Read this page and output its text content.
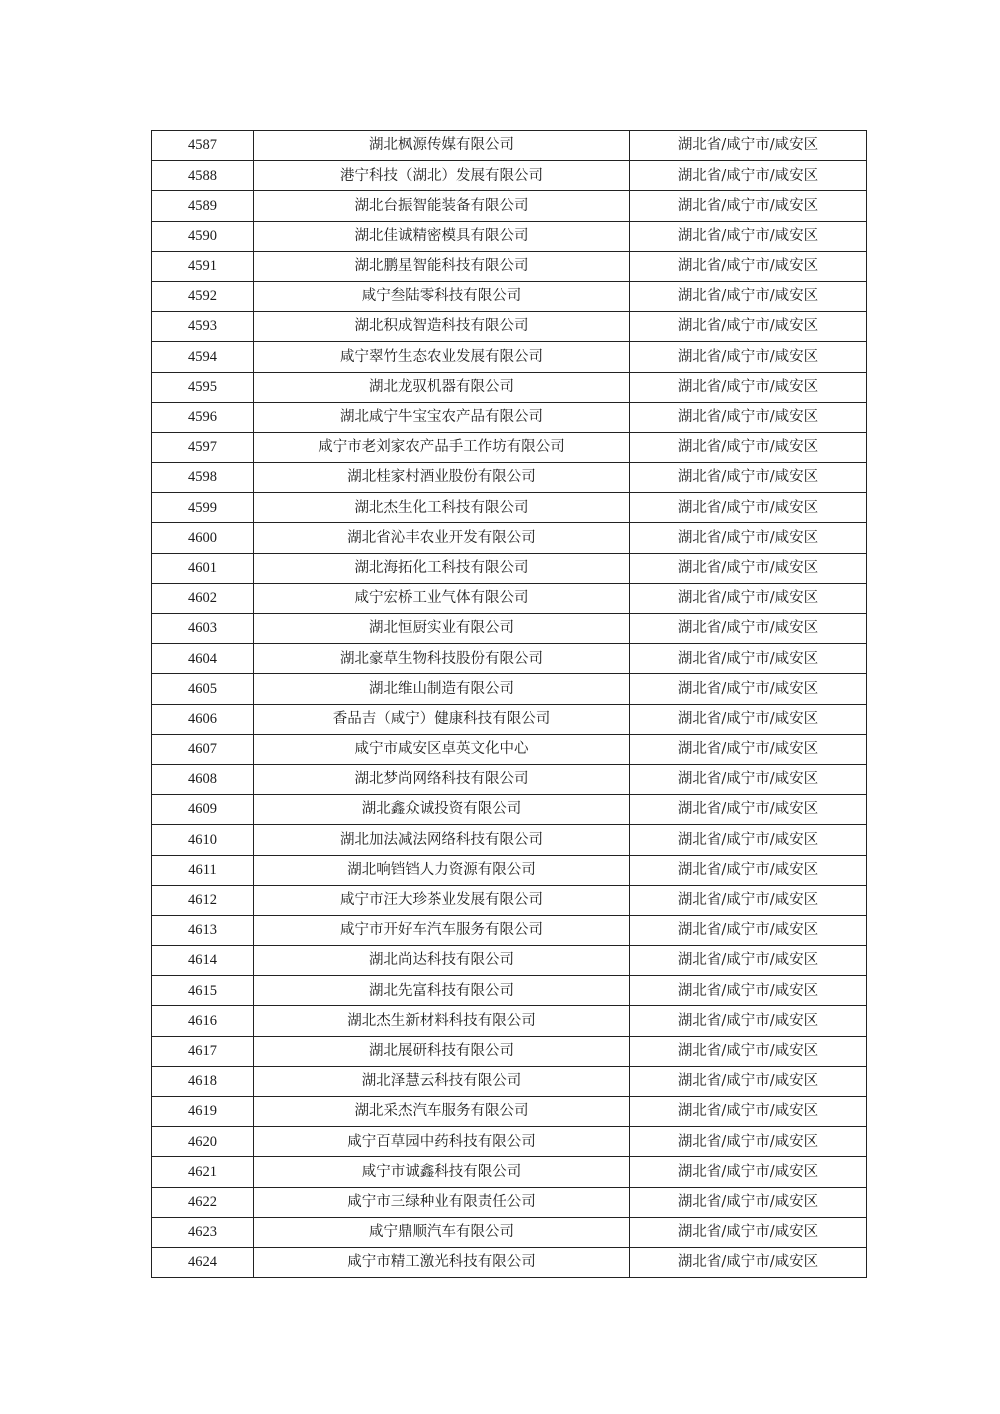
4587	湖北枫源传媒有限公司	湖北省/咸宁市/咸安区
4588	港宁科技（湖北）发展有限公司	湖北省/咸宁市/咸安区
4589	湖北台振智能装备有限公司	湖北省/咸宁市/咸安区
4590	湖北佳诚精密模具有限公司	湖北省/咸宁市/咸安区
4591	湖北鹏星智能科技有限公司	湖北省/咸宁市/咸安区
4592	咸宁叁陆零科技有限公司	湖北省/咸宁市/咸安区
4593	湖北积成智造科技有限公司	湖北省/咸宁市/咸安区
4594	咸宁翠竹生态农业发展有限公司	湖北省/咸宁市/咸安区
4595	湖北龙驭机器有限公司	湖北省/咸宁市/咸安区
4596	湖北咸宁牛宝宝农产品有限公司	湖北省/咸宁市/咸安区
4597	咸宁市老刘家农产品手工作坊有限公司	湖北省/咸宁市/咸安区
4598	湖北桂家村酒业股份有限公司	湖北省/咸宁市/咸安区
4599	湖北杰生化工科技有限公司	湖北省/咸宁市/咸安区
4600	湖北省沁丰农业开发有限公司	湖北省/咸宁市/咸安区
4601	湖北海拓化工科技有限公司	湖北省/咸宁市/咸安区
4602	咸宁宏桥工业气体有限公司	湖北省/咸宁市/咸安区
4603	湖北恒厨实业有限公司	湖北省/咸宁市/咸安区
4604	湖北豪草生物科技股份有限公司	湖北省/咸宁市/咸安区
4605	湖北维山制造有限公司	湖北省/咸宁市/咸安区
4606	香品吉（咸宁）健康科技有限公司	湖北省/咸宁市/咸安区
4607	咸宁市咸安区卓英文化中心	湖北省/咸宁市/咸安区
4608	湖北梦尚网络科技有限公司	湖北省/咸宁市/咸安区
4609	湖北鑫众诚投资有限公司	湖北省/咸宁市/咸安区
4610	湖北加法减法网络科技有限公司	湖北省/咸宁市/咸安区
4611	湖北响铛铛人力资源有限公司	湖北省/咸宁市/咸安区
4612	咸宁市汪大珍茶业发展有限公司	湖北省/咸宁市/咸安区
4613	咸宁市开好车汽车服务有限公司	湖北省/咸宁市/咸安区
4614	湖北尚达科技有限公司	湖北省/咸宁市/咸安区
4615	湖北先富科技有限公司	湖北省/咸宁市/咸安区
4616	湖北杰生新材料科技有限公司	湖北省/咸宁市/咸安区
4617	湖北展研科技有限公司	湖北省/咸宁市/咸安区
4618	湖北泽慧云科技有限公司	湖北省/咸宁市/咸安区
4619	湖北采杰汽车服务有限公司	湖北省/咸宁市/咸安区
4620	咸宁百草园中药科技有限公司	湖北省/咸宁市/咸安区
4621	咸宁市诚鑫科技有限公司	湖北省/咸宁市/咸安区
4622	咸宁市三绿种业有限责任公司	湖北省/咸宁市/咸安区
4623	咸宁鼎顺汽车有限公司	湖北省/咸宁市/咸安区
4624	咸宁市精工激光科技有限公司	湖北省/咸宁市/咸安区
